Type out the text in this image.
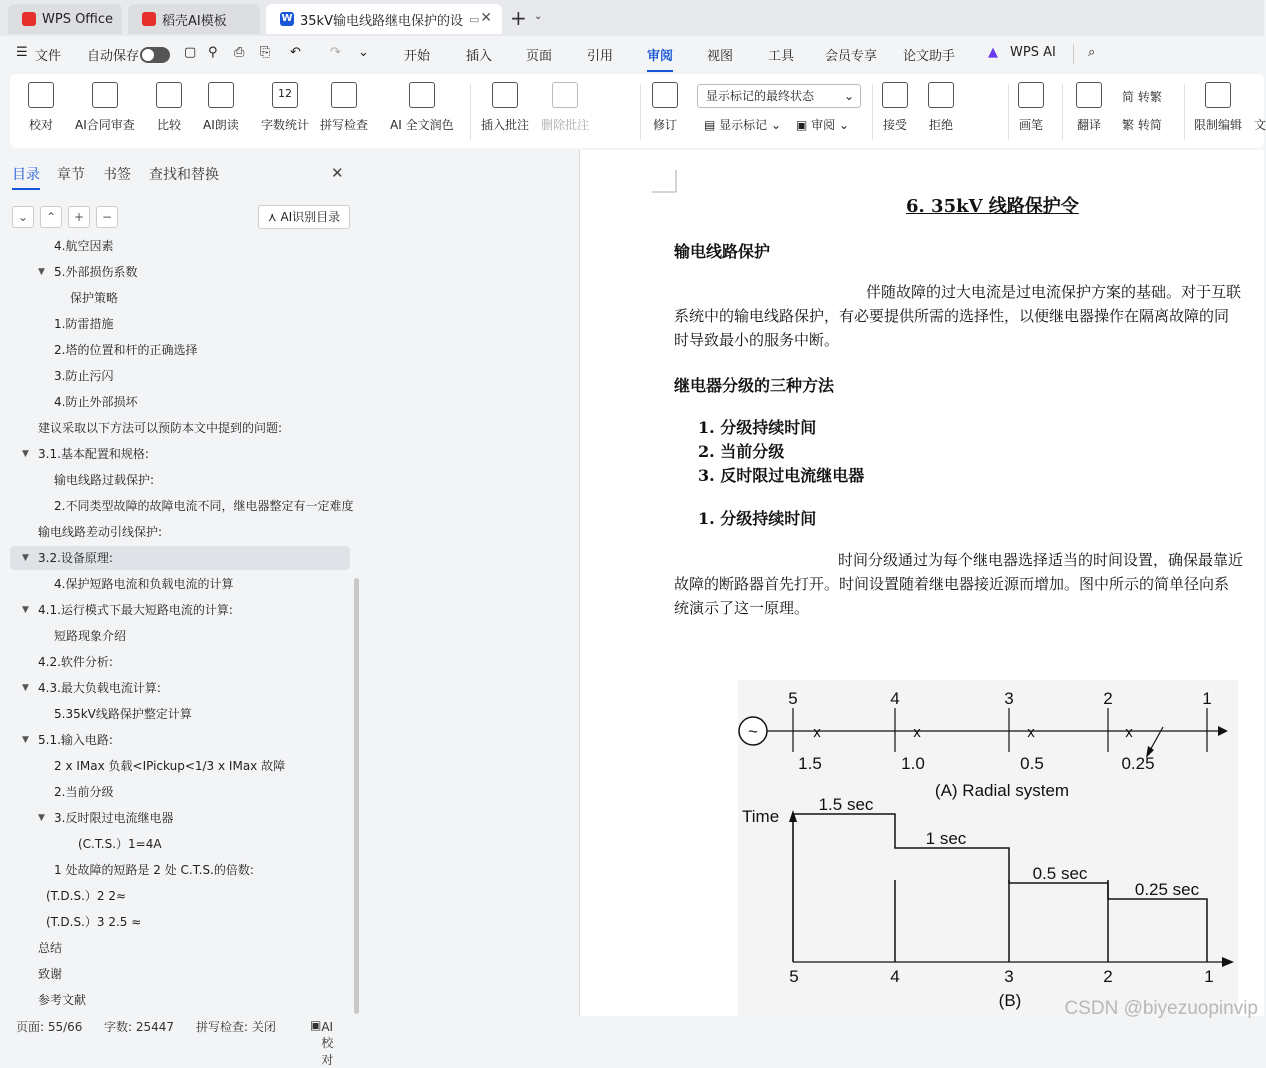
WPS Office	稻壳AI模板	W 35kV输电线路继电保护的设 ▭ ✕ + ⌄
☰ 文件 自动保存	▢ ⚲ ⎙ ⎘ ↶ ↷ ⌄	开始	插入	页面	引用	审阅	视图	工具 会员专享 论文助手	▲ WPS AI ⌕
校对 AI合同审查 比较 AI朗读
12
字数统计 拼写检查 AI 全文润色 插入批注 删除批注	修订
显示标记的最终状态 ⌄
▤ 显示标记 ⌄ ▣ 审阅 ⌄	接受 拒绝	画笔	翻译
简 转繁
繁 转简	限制编辑 文
目录 章节 书签 查找和替换	✕
⌄	⌃	+	−	⋏ AI识别目录
4.航空因素
▼ 5.外部损伤系数
保护策略
1.防雷措施
2.塔的位置和杆的正确选择
3.防止污闪
4.防止外部损坏
建议采取以下方法可以预防本文中提到的问题:
▼ 3.1.基本配置和规格:
输电线路过载保护:
2.不同类型故障的故障电流不同，继电器整定有一定难度
输电线路差动引线保护:
▼ 3.2.设备原理:
4.保护短路电流和负载电流的计算
▼ 4.1.运行模式下最大短路电流的计算:
短路现象介绍
4.2.软件分析:
▼ 4.3.最大负载电流计算:
5.35kV线路保护整定计算
▼ 5.1.输入电路:
2 x IMax 负载<IPickup<1/3 x IMax 故障
2.当前分级
▼ 3.反时限过电流继电器
(C.T.S.）1=4A
1 处故障的短路是 2 处 C.T.S.的倍数:
(T.D.S.）2 2≈
(T.D.S.）3 2.5 ≈
总结
致谢
参考文献
6. 35kV 线路保护令
输电线路保护
伴随故障的过大电流是过电流保护方案的基础。对于互联
系统中的输电线路保护，有必要提供所需的选择性，以便继电器操作在隔离故障的同
时导致最小的服务中断。
继电器分级的三种方法
1. 分级持续时间
2. 当前分级
3. 反时限过电流继电器
1. 分级持续时间
时间分级通过为每个继电器选择适当的时间设置，确保最靠近
故障的断路器首先打开。时间设置随着继电器接近源而增加。图中所示的简单径向系
统演示了这一原理。
~
5	4	3	2	1
x
1.5
x
1.0
x
0.5
x
0.25
(A) Radial system
Time
1.5 sec
1 sec
0.5 sec
0.25 sec
5	4	3	2	1
(B)
页面: 55/66 字数: 25447 拼写检查: 关闭	▣ AI 校对
CSDN @biyezuopinvip
